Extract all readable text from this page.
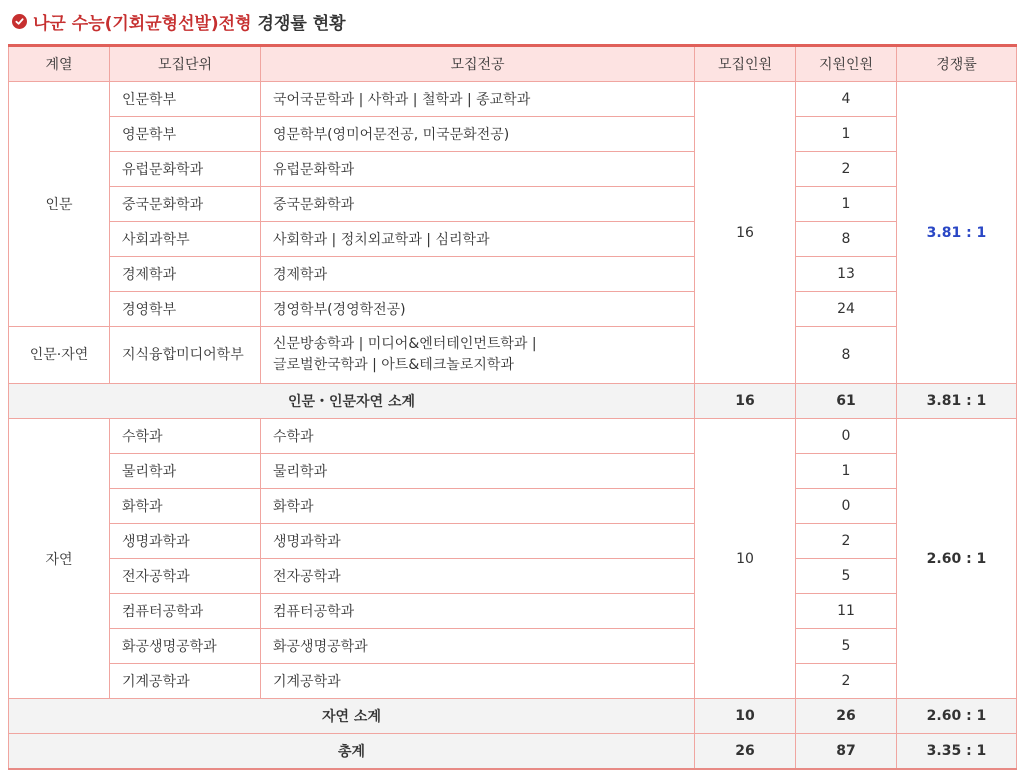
나군 수능(기회균형선발)전형 경쟁률 현황
계열	모집단위	모집전공	모집인원	지원인원	경쟁률
인문	인문학부	국어국문학과 | 사학과 | 철학과 | 종교학과	16	4	3.81 : 1
	영문학부	영문학부(영미어문전공, 미국문화전공)		1	
	유럽문화학과	유럽문화학과		2	
	중국문화학과	중국문화학과		1	
	사회과학부	사회학과 | 정치외교학과 | 심리학과		8	
	경제학과	경제학과		13	
	경영학부	경영학부(경영학전공)		24	
인문·자연	지식융합미디어학부	신문방송학과 | 미디어&엔터테인먼트학과 |
글로벌한국학과 | 아트&테크놀로지학과		8	
인문・인문자연 소계			16	61	3.81 : 1
자연	수학과	수학과	10	0	2.60 : 1
	물리학과	물리학과		1	
	화학과	화학과		0	
	생명과학과	생명과학과		2	
	전자공학과	전자공학과		5	
	컴퓨터공학과	컴퓨터공학과		11	
	화공생명공학과	화공생명공학과		5	
	기계공학과	기계공학과		2	
자연 소계			10	26	2.60 : 1
총계			26	87	3.35 : 1
